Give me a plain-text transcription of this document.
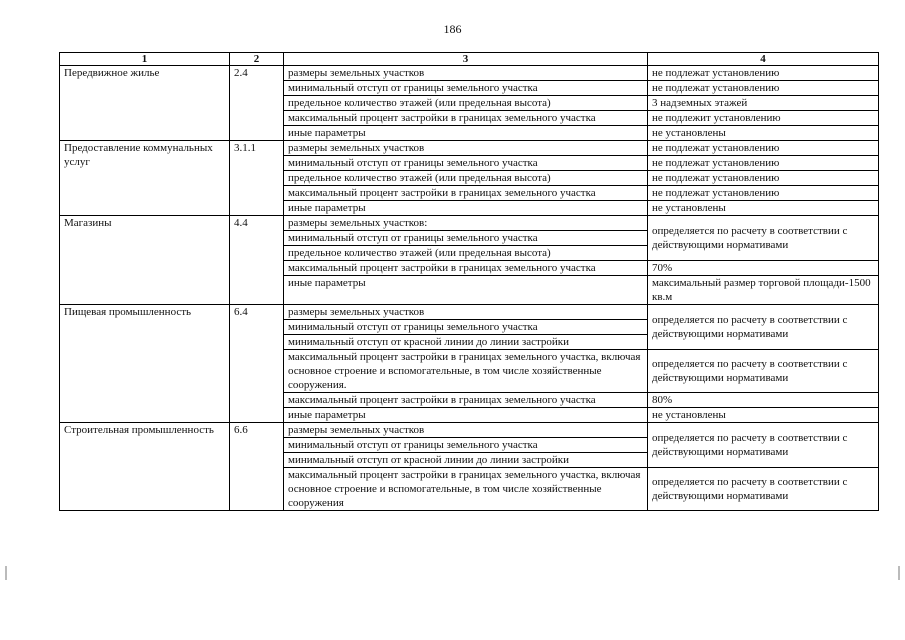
186
1	2	3	4
Передвижное жилье	2.4	размеры земельных участков	не подлежат установлению
		минимальный отступ от границы земельного участка	не подлежат установлению
		предельное количество этажей (или предельная высота)	3 надземных этажей
		максимальный процент застройки в границах земельного участка	не подлежит установлению
		иные параметры	не установлены
Предоставление коммунальных услуг	3.1.1	размеры земельных участков	не подлежат установлению
		минимальный отступ от границы земельного участка	не подлежат установлению
		предельное количество этажей (или предельная высота)	не подлежат установлению
		максимальный процент застройки в границах земельного участка	не подлежат установлению
		иные параметры	не установлены
Магазины	4.4	размеры земельных участков:	определяется по расчету в соответствии с действующими нормативами
		минимальный отступ от границы земельного участка	
		предельное количество этажей (или предельная высота)	
		максимальный процент застройки в границах земельного участка	70%
		иные параметры	максимальный размер торговой площади-1500 кв.м
Пищевая промышленность	6.4	размеры земельных участков	определяется по расчету в соответствии с действующими нормативами
		минимальный отступ от границы земельного участка	
		минимальный отступ от красной линии до линии застройки	
		максимальный процент застройки в границах земельного участка, включая основное строение и вспомогательные, в том числе хозяйственные сооружения.	определяется по расчету в соответствии с действующими нормативами
		максимальный процент застройки в границах земельного участка	80%
		иные параметры	не установлены
Строительная промышленность	6.6	размеры земельных участков	определяется по расчету в соответствии с действующими нормативами
		минимальный отступ от границы земельного участка	
		минимальный отступ от красной линии до линии застройки	
		максимальный процент застройки в границах земельного участка, включая основное строение и вспомогательные, в том числе хозяйственные сооружения	определяется по расчету в соответствии с действующими нормативами
